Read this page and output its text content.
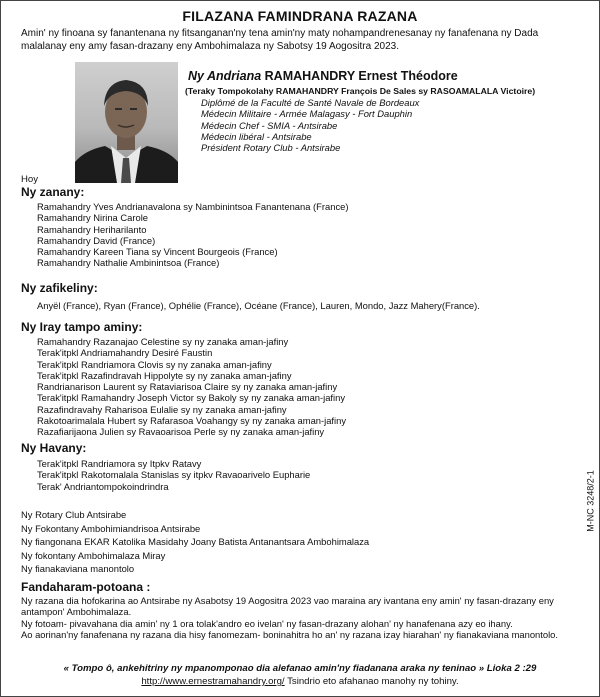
FILAZANA FAMINDRANA RAZANA
Amin' ny finoana sy fanantenana ny fitsanganan'ny tena amin'ny maty nohampandrenesanay ny fanafenana ny Dada malalanay eny amy fasan-drazany eny Ambohimalaza ny Sabotsy 19 Aogositra 2023.
Ny Andriana RAMAHANDRY Ernest Théodore
(Teraky Tompokolahy RAMAHANDRY François De Sales sy RASOAMALALA Victoire)
Diplômé de la Faculté de Santé Navale de Bordeaux
Médecin Militaire - Armée Malagasy - Fort Dauphin
Médecin Chef - SMIA - Antsirabe
Médecin libéral - Antsirabe
Président Rotary Club - Antsirabe
Hoy
Ny zanany:
Ramahandry Yves Andrianavalona sy Nambinintsoa Fanantenana (France)
Ramahandry Nirina Carole
Ramahandry Heriharilanto
Ramahandry David (France)
Ramahandry Kareen Tiana sy Vincent Bourgeois (France)
Ramahandry Nathalie Ambinintsoa (France)
Ny zafikeliny:
Anyël (France), Ryan (France), Ophélie (France), Océane (France), Lauren, Mondo, Jazz Mahery(France).
Ny Iray tampo aminy:
Ramahandry Razanajao Celestine sy ny zanaka aman-jafiny
Terak'itpkl Andriamahandry Desiré Faustin
Terak'itpkl Randriamora Clovis sy ny zanaka aman-jafiny
Terak'itpkl Razafindravah Hippolyte sy ny zanaka aman-jafiny
Randrianarison Laurent sy Rataviarisoa Claire sy ny zanaka aman-jafiny
Terak'itpkl Ramahandry Joseph Victor sy Bakoly sy ny zanaka aman-jafiny
Razafindravahy Raharisoa Eulalie sy ny zanaka aman-jafiny
Rakotoarimalala Hubert sy Rafarasoa Voahangy sy ny zanaka aman-jafiny
Razafiarijaona Julien sy Ravaoarisoa Perle sy ny zanaka aman-jafiny
Ny Havany:
Terak'itpkl Randriamora sy Itpkv Ratavy
Terak'itpkl Rakotomalala Stanislas sy itpkv Ravaoarivelo Eupharie
Terak' Andriantompokoindrindra
Ny Rotary Club Antsirabe
Ny Fokontany Ambohimiandrisoa Antsirabe
Ny fiangonana EKAR Katolika Masidahy Joany Batista Antanantsara Ambohimalaza
Ny fokontany Ambohimalaza Miray
Ny fianakaviana manontolo
M-NC 3248/2-1
Fandaharam-potoana :
Ny razana dia hofokarina ao Antsirabe ny Asabotsy 19 Aogositra 2023 vao maraina ary ivantana eny amin' ny fasan-drazany eny antampon' Ambohimalaza.
Ny fotoam- pivavahana dia amin' ny 1 ora tolak'andro eo ivelan' ny fasan-drazany alohan' ny hanafenana azy eo ihany.
Ao aorinan'ny fanafenana ny razana dia hisy fanomezam- boninahitra ho an' ny razana izay hiarahan' ny fianakaviana manontolo.
« Tompo ô, ankehitriny ny mpanomponao dia alefanao amin'ny fiadanana araka ny teninao » Lioka 2 :29
http://www.ernestramahandry.org/ Tsindrio eto afahanao manohy ny tohiny.
